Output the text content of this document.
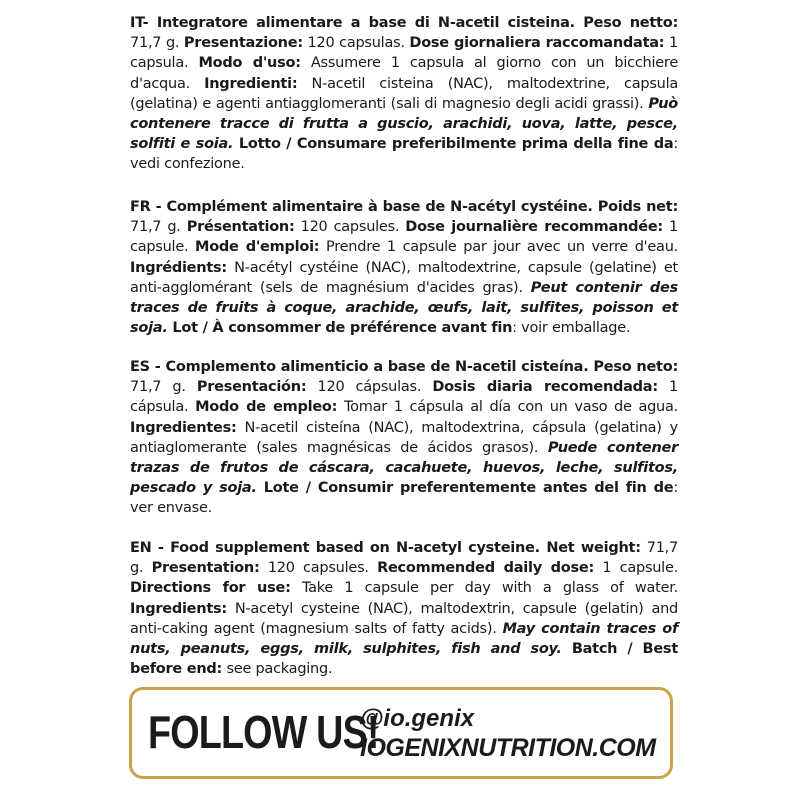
IT- Integratore alimentare a base di N-acetil cisteina. Peso netto: 71,7 g. Presentazione: 120 capsulas. Dose giornaliera raccomandata: 1 capsula. Modo d'uso: Assumere 1 capsula al giorno con un bicchiere d'acqua. Ingredienti: N-acetil cisteina (NAC), maltodextrine, capsula (gelatina) e agenti antiagglomeranti (sali di magnesio degli acidi grassi). Può contenere tracce di frutta a guscio, arachidi, uova, latte, pesce, solfiti e soia. Lotto / Consumare preferibilmente prima della fine da: vedi confezione.
FR - Complément alimentaire à base de N-acétyl cystéine. Poids net: 71,7 g. Présentation: 120 capsules. Dose journalière recommandée: 1 capsule. Mode d'emploi: Prendre 1 capsule par jour avec un verre d'eau. Ingrédients: N-acétyl cystéine (NAC), maltodextrine, capsule (gelatine) et anti-agglomérant (sels de magnésium d'acides gras). Peut contenir des traces de fruits à coque, arachide, œufs, lait, sulfites, poisson et soja. Lot / À consommer de préférence avant fin: voir emballage.
ES - Complemento alimenticio a base de N-acetil cisteína. Peso neto: 71,7 g. Presentación: 120 cápsulas. Dosis diaria recomendada: 1 cápsula. Modo de empleo: Tomar 1 cápsula al día con un vaso de agua. Ingredientes: N-acetil cisteína (NAC), maltodextrina, cápsula (gelatina) y antiaglomerante (sales magnésicas de ácidos grasos). Puede contener trazas de frutos de cáscara, cacahuete, huevos, leche, sulfitos, pescado y soja. Lote / Consumir preferentemente antes del fin de: ver envase.
EN - Food supplement based on N-acetyl cysteine. Net weight: 71,7 g. Presentation: 120 capsules. Recommended daily dose: 1 capsule. Directions for use: Take 1 capsule per day with a glass of water. Ingredients: N-acetyl cysteine (NAC), maltodextrin, capsule (gelatin) and anti-caking agent (magnesium salts of fatty acids). May contain traces of nuts, peanuts, eggs, milk, sulphites, fish and soy. Batch / Best before end: see packaging.
FOLLOW US!
@io.genix
IOGENIXNUTRITION.COM
